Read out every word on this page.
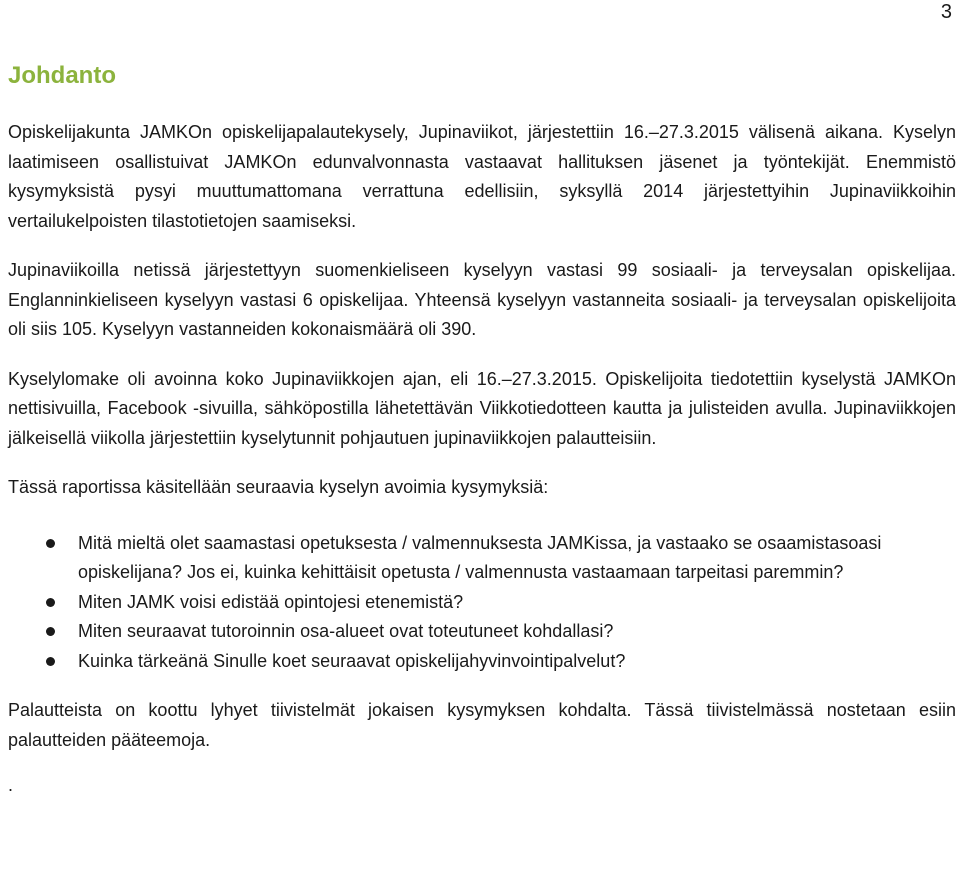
3
Johdanto

Opiskelijakunta JAMKOn opiskelijapalautekysely, Jupinaviikot, järjestettiin 16.–27.3.2015 välisenä aikana. Kyselyn laatimiseen osallistuivat JAMKOn edunvalvonnasta vastaavat hallituksen jäsenet ja työntekijät. Enemmistö kysymyksistä pysyi muuttumattomana verrattuna edellisiin, syksyllä 2014 järjestettyihin Jupinaviikkoihin vertailukelpoisten tilastotietojen saamiseksi.

Jupinaviikoilla netissä järjestettyyn suomenkieliseen kyselyyn vastasi 99 sosiaali- ja terveysalan opiskelijaa. Englanninkieliseen kyselyyn vastasi 6 opiskelijaa. Yhteensä kyselyyn vastanneita sosiaali- ja terveysalan opiskelijoita oli siis 105. Kyselyyn vastanneiden kokonaismäärä oli 390.

Kyselylomake oli avoinna koko Jupinaviikkojen ajan, eli 16.–27.3.2015. Opiskelijoita tiedotettiin kyselystä JAMKOn nettisivuilla, Facebook -sivuilla, sähköpostilla lähetettävän Viikkotiedotteen kautta ja julisteiden avulla. Jupinaviikkojen jälkeisellä viikolla järjestettiin kyselytunnit pohjautuen jupinaviikkojen palautteisiin.

Tässä raportissa käsitellään seuraavia kyselyn avoimia kysymyksiä:

Mitä mieltä olet saamastasi opetuksesta / valmennuksesta JAMKissa, ja vastaako se osaamistasoasi opiskelijana? Jos ei, kuinka kehittäisit opetusta / valmennusta vastaamaan tarpeitasi paremmin?
Miten JAMK voisi edistää opintojesi etenemistä?
Miten seuraavat tutoroinnin osa-alueet ovat toteutuneet kohdallasi?
Kuinka tärkeänä Sinulle koet seuraavat opiskelijahyvinvointipalvelut?

Palautteista on koottu lyhyet tiivistelmät jokaisen kysymyksen kohdalta. Tässä tiivistelmässä nostetaan esiin palautteiden pääteemoja.

.
